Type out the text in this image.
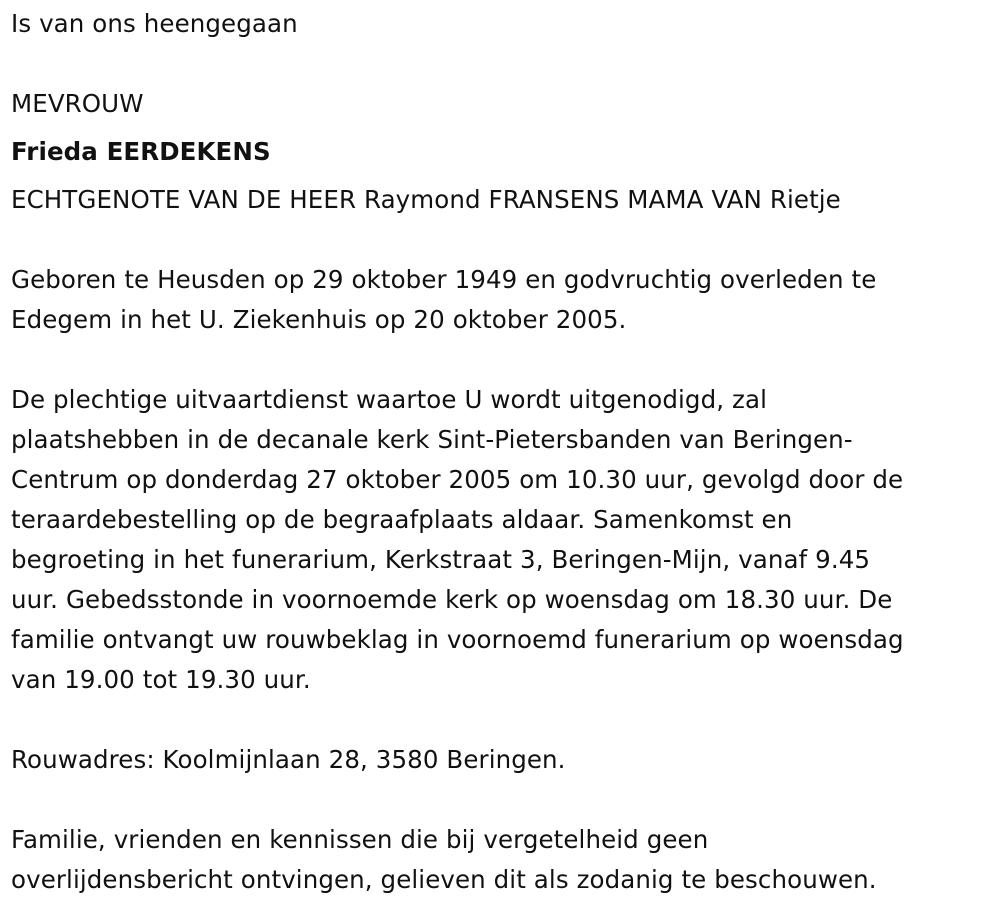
Is van ons heengegaan
MEVROUW
Frieda EERDEKENS
ECHTGENOTE VAN DE HEER Raymond FRANSENS MAMA VAN Rietje
Geboren te Heusden op 29 oktober 1949 en godvruchtig overleden te
Edegem in het U. Ziekenhuis op 20 oktober 2005.
De plechtige uitvaartdienst waartoe U wordt uitgenodigd, zal
plaatshebben in de decanale kerk Sint-Pietersbanden van Beringen-
Centrum op donderdag 27 oktober 2005 om 10.30 uur, gevolgd door de
teraardebestelling op de begraafplaats aldaar. Samenkomst en
begroeting in het funerarium, Kerkstraat 3, Beringen-Mijn, vanaf 9.45
uur. Gebedsstonde in voornoemde kerk op woensdag om 18.30 uur. De
familie ontvangt uw rouwbeklag in voornoemd funerarium op woensdag
van 19.00 tot 19.30 uur.
Rouwadres: Koolmijnlaan 28, 3580 Beringen.
Familie, vrienden en kennissen die bij vergetelheid geen
overlijdensbericht ontvingen, gelieven dit als zodanig te beschouwen.
